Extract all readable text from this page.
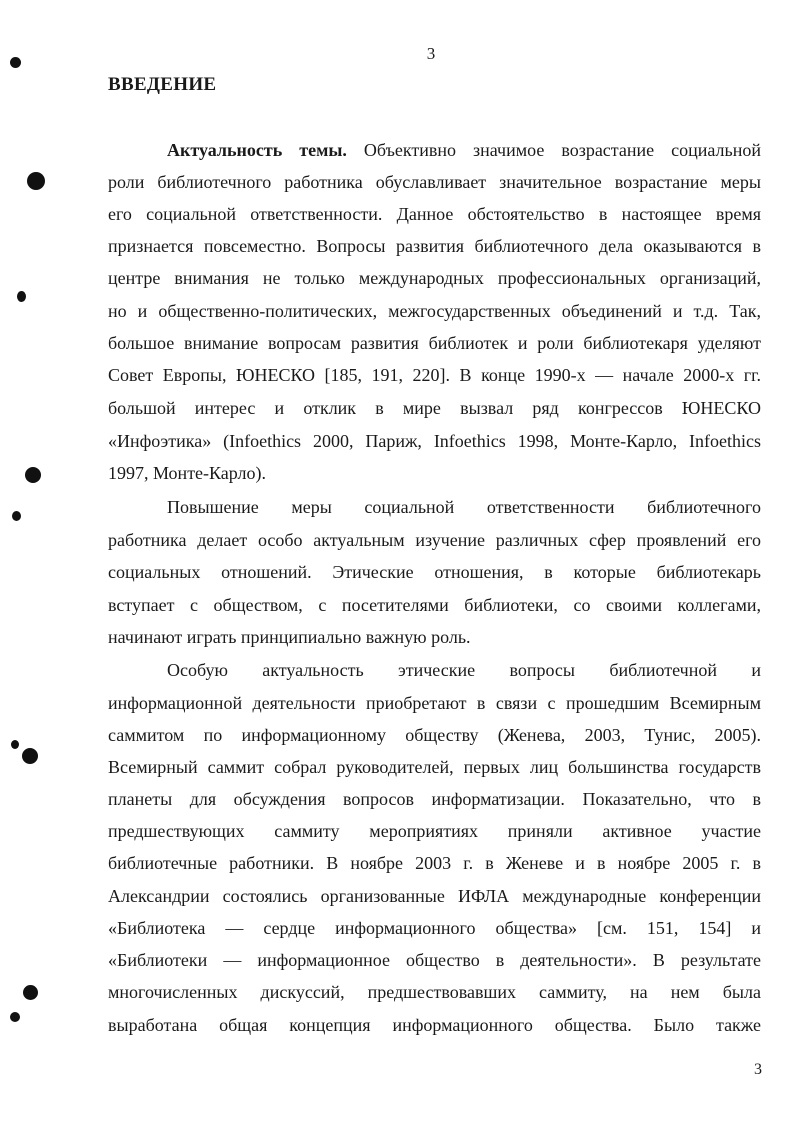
3
ВВЕДЕНИЕ
Актуальность темы. Объективно значимое возрастание социальной
роли библиотечного работника обуславливает значительное возрастание меры
его социальной ответственности. Данное обстоятельство в настоящее время
признается повсеместно. Вопросы развития библиотечного дела оказываются в
центре внимания не только международных профессиональных организаций,
но и общественно-политических, межгосударственных объединений и т.д. Так,
большое внимание вопросам развития библиотек и роли библиотекаря уделяют
Совет Европы, ЮНЕСКО [185, 191, 220]. В конце 1990-х — начале 2000-х гг.
большой интерес и отклик в мире вызвал ряд конгрессов ЮНЕСКО
«Инфоэтика» (Infoethics 2000, Париж, Infoethics 1998, Монте-Карло, Infoethics
1997, Монте-Карло).
Повышение меры социальной ответственности библиотечного
работника делает особо актуальным изучение различных сфер проявлений его
социальных отношений. Этические отношения, в которые библиотекарь
вступает с обществом, с посетителями библиотеки, со своими коллегами,
начинают играть принципиально важную роль.
Особую актуальность этические вопросы библиотечной и
информационной деятельности приобретают в связи с прошедшим Всемирным
саммитом по информационному обществу (Женева, 2003, Тунис, 2005).
Всемирный саммит собрал руководителей, первых лиц большинства государств
планеты для обсуждения вопросов информатизации. Показательно, что в
предшествующих саммиту мероприятиях приняли активное участие
библиотечные работники. В ноябре 2003 г. в Женеве и в ноябре 2005 г. в
Александрии состоялись организованные ИФЛА международные конференции
«Библиотека — сердце информационного общества» [см. 151, 154] и
«Библиотеки — информационное общество в деятельности». В результате
многочисленных дискуссий, предшествовавших саммиту, на нем была
выработана общая концепция информационного общества. Было также
3
